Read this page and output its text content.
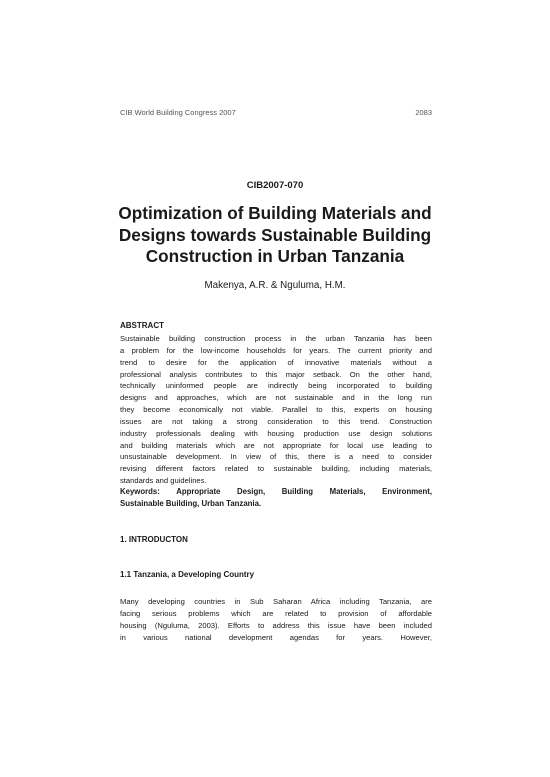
CIB World Building Congress 2007	2083
CIB2007-070
Optimization of Building Materials and
Designs towards Sustainable Building
Construction in Urban Tanzania
Makenya, A.R. & Nguluma, H.M.

ABSTRACT

Sustainable building construction process in the urban Tanzania has been
a problem for the low-income households for years. The current priority and
trend to desire for the application of innovative materials without a
professional analysis contributes to this major setback. On the other hand,
technically uninformed people are indirectly being incorporated to building
designs and approaches, which are not sustainable and in the long run
they become economically not viable. Parallel to this, experts on housing
issues are not taking a strong consideration to this trend. Construction
industry professionals dealing with housing production use design solutions
and building materials which are not appropriate for local use leading to
unsustainable development. In view of this, there is a need to consider
revising different factors related to sustainable building, including materials,
standards and guidelines.
Keywords: Appropriate Design, Building Materials, Environment,
Sustainable Building, Urban Tanzania.

1. INTRODUCTON

1.1 Tanzania, a Developing Country

Many developing countries in Sub Saharan Africa including Tanzania, are
facing serious problems which are related to provision of affordable
housing (Nguluma, 2003). Efforts to address this issue have been included
in various national development agendas for years. However,
